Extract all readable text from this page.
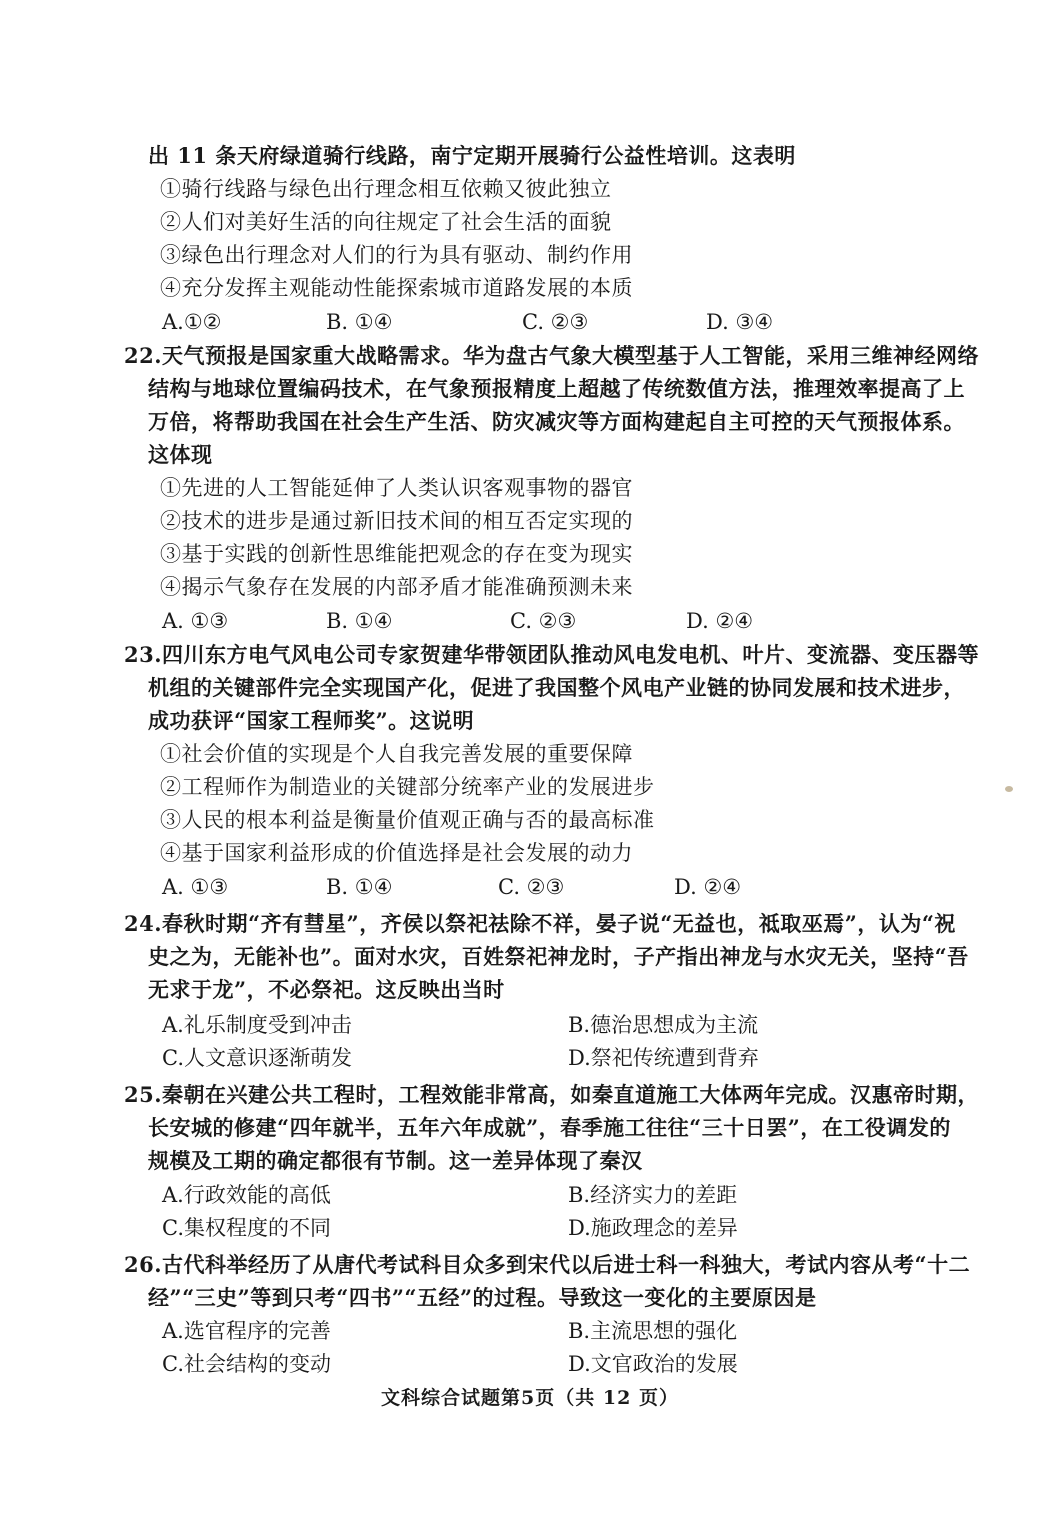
出 11 条天府绿道骑行线路，南宁定期开展骑行公益性培训。这表明
①骑行线路与绿色出行理念相互依赖又彼此独立
②人们对美好生活的向往规定了社会生活的面貌
③绿色出行理念对人们的行为具有驱动、制约作用
④充分发挥主观能动性能探索城市道路发展的本质
A.①②	B. ①④	C. ②③	D. ③④
22.天气预报是国家重大战略需求。华为盘古气象大模型基于人工智能，采用三维神经网络
结构与地球位置编码技术，在气象预报精度上超越了传统数值方法，推理效率提高了上
万倍，将帮助我国在社会生产生活、防灾减灾等方面构建起自主可控的天气预报体系。
这体现
①先进的人工智能延伸了人类认识客观事物的器官
②技术的进步是通过新旧技术间的相互否定实现的
③基于实践的创新性思维能把观念的存在变为现实
④揭示气象存在发展的内部矛盾才能准确预测未来
A. ①③	B. ①④	C. ②③	D. ②④
23.四川东方电气风电公司专家贺建华带领团队推动风电发电机、叶片、变流器、变压器等
机组的关键部件完全实现国产化，促进了我国整个风电产业链的协同发展和技术进步，
成功获评“国家工程师奖”。这说明
①社会价值的实现是个人自我完善发展的重要保障
②工程师作为制造业的关键部分统率产业的发展进步
③人民的根本利益是衡量价值观正确与否的最高标准
④基于国家利益形成的价值选择是社会发展的动力
A. ①③	B. ①④	C. ②③	D. ②④
24.春秋时期“齐有彗星”，齐侯以祭祀祛除不祥，晏子说“无益也，祗取巫焉”，认为“祝
史之为，无能补也”。面对水灾，百姓祭祀神龙时，子产指出神龙与水灾无关，坚持“吾
无求于龙”，不必祭祀。这反映出当时
A.礼乐制度受到冲击	B.德治思想成为主流
C.人文意识逐渐萌发	D.祭祀传统遭到背弃
25.秦朝在兴建公共工程时，工程效能非常高，如秦直道施工大体两年完成。汉惠帝时期，
长安城的修建“四年就半，五年六年成就”，春季施工往往“三十日罢”，在工役调发的
规模及工期的确定都很有节制。这一差异体现了秦汉
A.行政效能的高低	B.经济实力的差距
C.集权程度的不同	D.施政理念的差异
26.古代科举经历了从唐代考试科目众多到宋代以后进士科一科独大，考试内容从考“十二
经”“三史”等到只考“四书”“五经”的过程。导致这一变化的主要原因是
A.选官程序的完善	B.主流思想的强化
C.社会结构的变动	D.文官政治的发展
文科综合试题第5页（共 12 页）
